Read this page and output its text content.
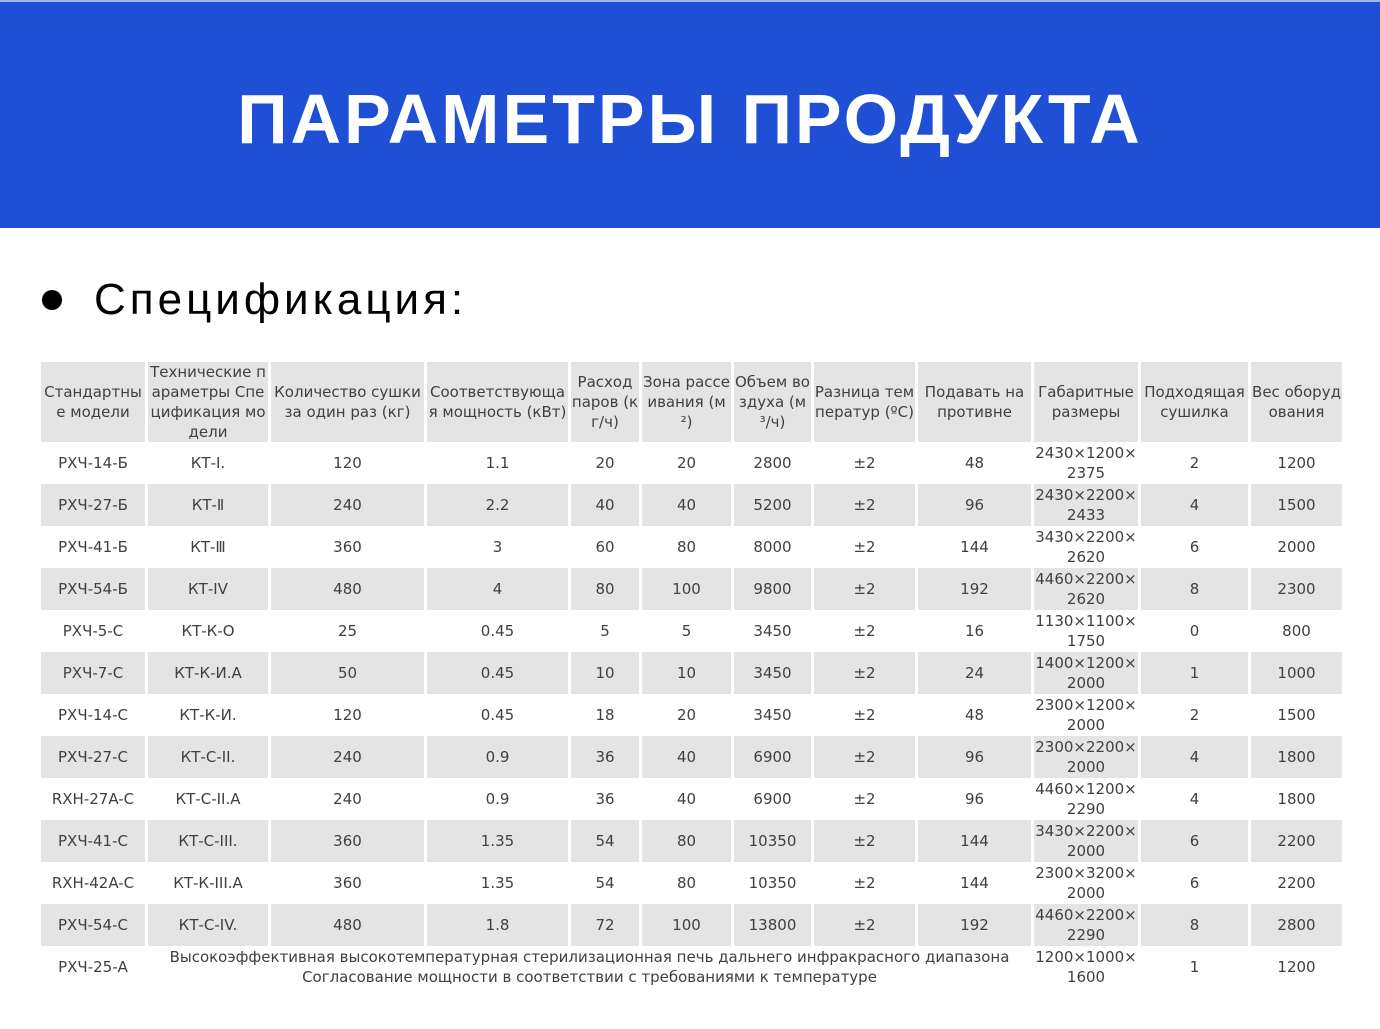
ПАРАМЕТРЫ ПРОДУКТА
Спецификация:
Стандартные модели	Технические параметры Спецификация модели	Количество сушки за один раз (кг)	Соответствующая мощность (кВт)	Расход паров (кг/ч)	Зона рассеивания (м²)	Объем воздуха (м³/ч)	Разница температур (ºC)	Подавать на противне	Габаритные размеры	Подходящая сушилка	Вес оборудования
РХЧ-14-Б	КТ-I.	120	1.1	20	20	2800	±2	48	2430×1200×2375	2	1200
РХЧ-27-Б	КТ-Ⅱ	240	2.2	40	40	5200	±2	96	2430×2200×2433	4	1500
РХЧ-41-Б	КТ-Ⅲ	360	3	60	80	8000	±2	144	3430×2200×2620	6	2000
РХЧ-54-Б	КТ-IV	480	4	80	100	9800	±2	192	4460×2200×2620	8	2300
РХЧ-5-С	КТ-К-О	25	0.45	5	5	3450	±2	16	1130×1100×1750	0	800
РХЧ-7-С	КТ-К-И.А	50	0.45	10	10	3450	±2	24	1400×1200×2000	1	1000
РХЧ-14-С	КТ-К-И.	120	0.45	18	20	3450	±2	48	2300×1200×2000	2	1500
РХЧ-27-С	КТ-С-II.	240	0.9	36	40	6900	±2	96	2300×2200×2000	4	1800
RXH-27A-C	КТ-С-II.А	240	0.9	36	40	6900	±2	96	4460×1200×2290	4	1800
РХЧ-41-С	КТ-С-III.	360	1.35	54	80	10350	±2	144	3430×2200×2000	6	2200
RXH-42A-C	КТ-К-III.А	360	1.35	54	80	10350	±2	144	2300×3200×2000	6	2200
РХЧ-54-С	КТ-С-IV.	480	1.8	72	100	13800	±2	192	4460×2200×2290	8	2800
РХЧ-25-А	Высокоэффективная высокотемпературная стерилизационная печь дальнего инфракрасного диапазона Согласование мощности в соответствии с требованиями к температуре								1200×1000×1600	1	1200
